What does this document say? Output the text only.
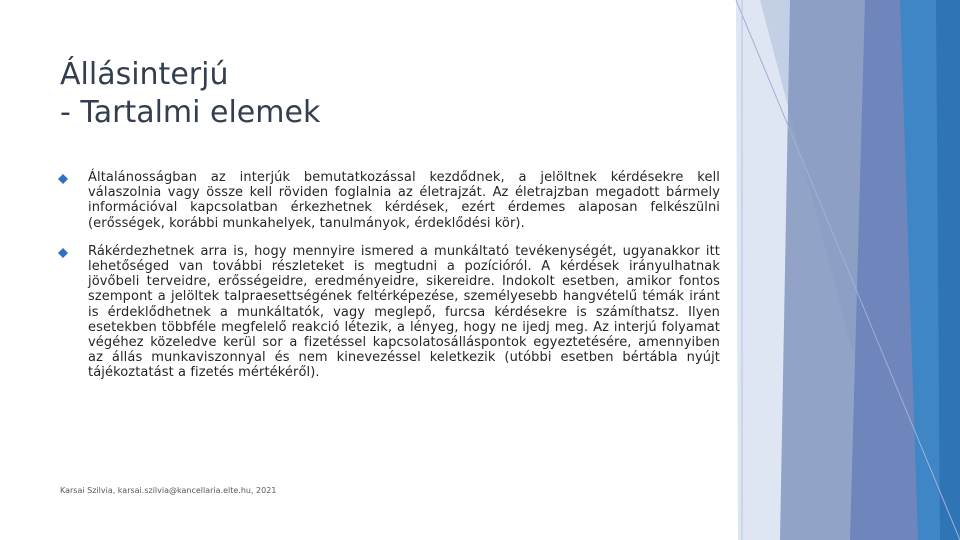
Állásinterjú
- Tartalmi elemek
Általánosságban az interjúk bemutatkozással kezdődnek, a jelöltnek kérdésekre kell válaszolnia vagy össze kell röviden foglalnia az életrajzát. Az életrajzban megadott bármely információval kapcsolatban érkezhetnek kérdések, ezért érdemes alaposan felkészülni (erősségek, korábbi munkahelyek, tanulmányok, érdeklődési kör).
Rákérdezhetnek arra is, hogy mennyire ismered a munkáltató tevékenységét, ugyanakkor itt lehetőséged van további részleteket is megtudni a pozícióról. A kérdések irányulhatnak jövőbeli terveidre, erősségeidre, eredményeidre, sikereidre. Indokolt esetben, amikor fontos szempont a jelöltek talpraesettségének feltérképezése, személyesebb hangvételű témák iránt is érdeklődhetnek a munkáltatók, vagy meglepő, furcsa kérdésekre is számíthatsz. Ilyen esetekben többféle megfelelő reakció létezik, a lényeg, hogy ne ijedj meg. Az interjú folyamat végéhez közeledve kerül sor a fizetéssel kapcsolatosálláspontok egyeztetésére, amennyiben az állás munkaviszonnyal és nem kinevezéssel keletkezik (utóbbi esetben bértábla nyújt tájékoztatást a fizetés mértékéről).
Karsai Szilvia, karsai.szilvia@kancellaria.elte.hu, 2021
